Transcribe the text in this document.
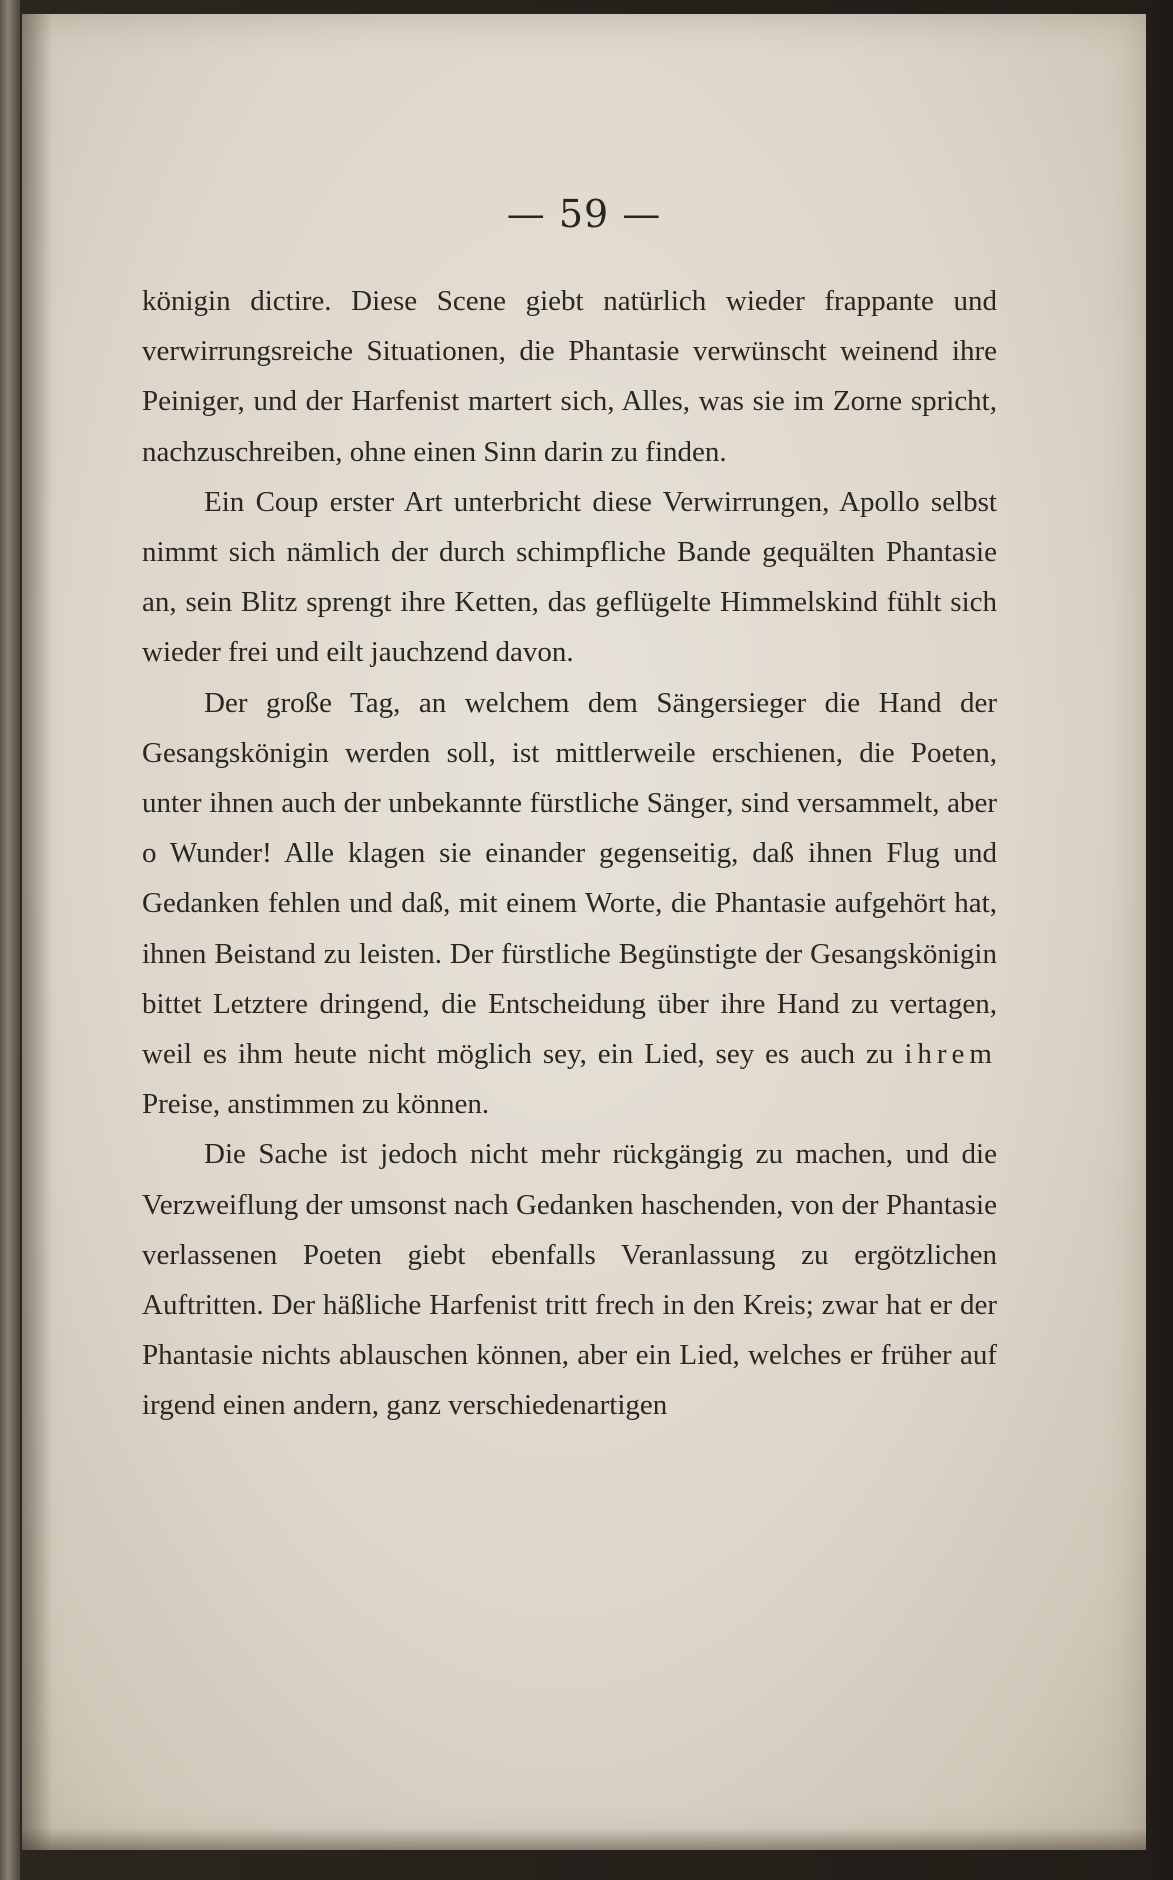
— 59 —

königin dictire. Diese Scene giebt natürlich wieder frappante und verwirrungsreiche Situationen, die Phantasie verwünscht weinend ihre Peiniger, und der Harfenist martert sich, Alles, was sie im Zorne spricht, nachzuschreiben, ohne einen Sinn darin zu finden.

Ein Coup erster Art unterbricht diese Verwirrungen, Apollo selbst nimmt sich nämlich der durch schimpfliche Bande gequälten Phantasie an, sein Blitz sprengt ihre Ketten, das geflügelte Himmelskind fühlt sich wieder frei und eilt jauchzend davon.

Der große Tag, an welchem dem Sängersieger die Hand der Gesangskönigin werden soll, ist mittlerweile erschienen, die Poeten, unter ihnen auch der unbekannte fürstliche Sänger, sind versammelt, aber o Wunder! Alle klagen sie einander gegenseitig, daß ihnen Flug und Gedanken fehlen und daß, mit einem Worte, die Phantasie aufgehört hat, ihnen Beistand zu leisten. Der fürstliche Begünstigte der Gesangskönigin bittet Letztere dringend, die Entscheidung über ihre Hand zu vertagen, weil es ihm heute nicht möglich sey, ein Lied, sey es auch zu ihrem Preise, anstimmen zu können.

Die Sache ist jedoch nicht mehr rückgängig zu machen, und die Verzweiflung der umsonst nach Gedanken haschenden, von der Phantasie verlassenen Poeten giebt ebenfalls Veranlassung zu ergötzlichen Auftritten. Der häßliche Harfenist tritt frech in den Kreis; zwar hat er der Phantasie nichts ablauschen können, aber ein Lied, welches er früher auf irgend einen andern, ganz verschiedenartigen
